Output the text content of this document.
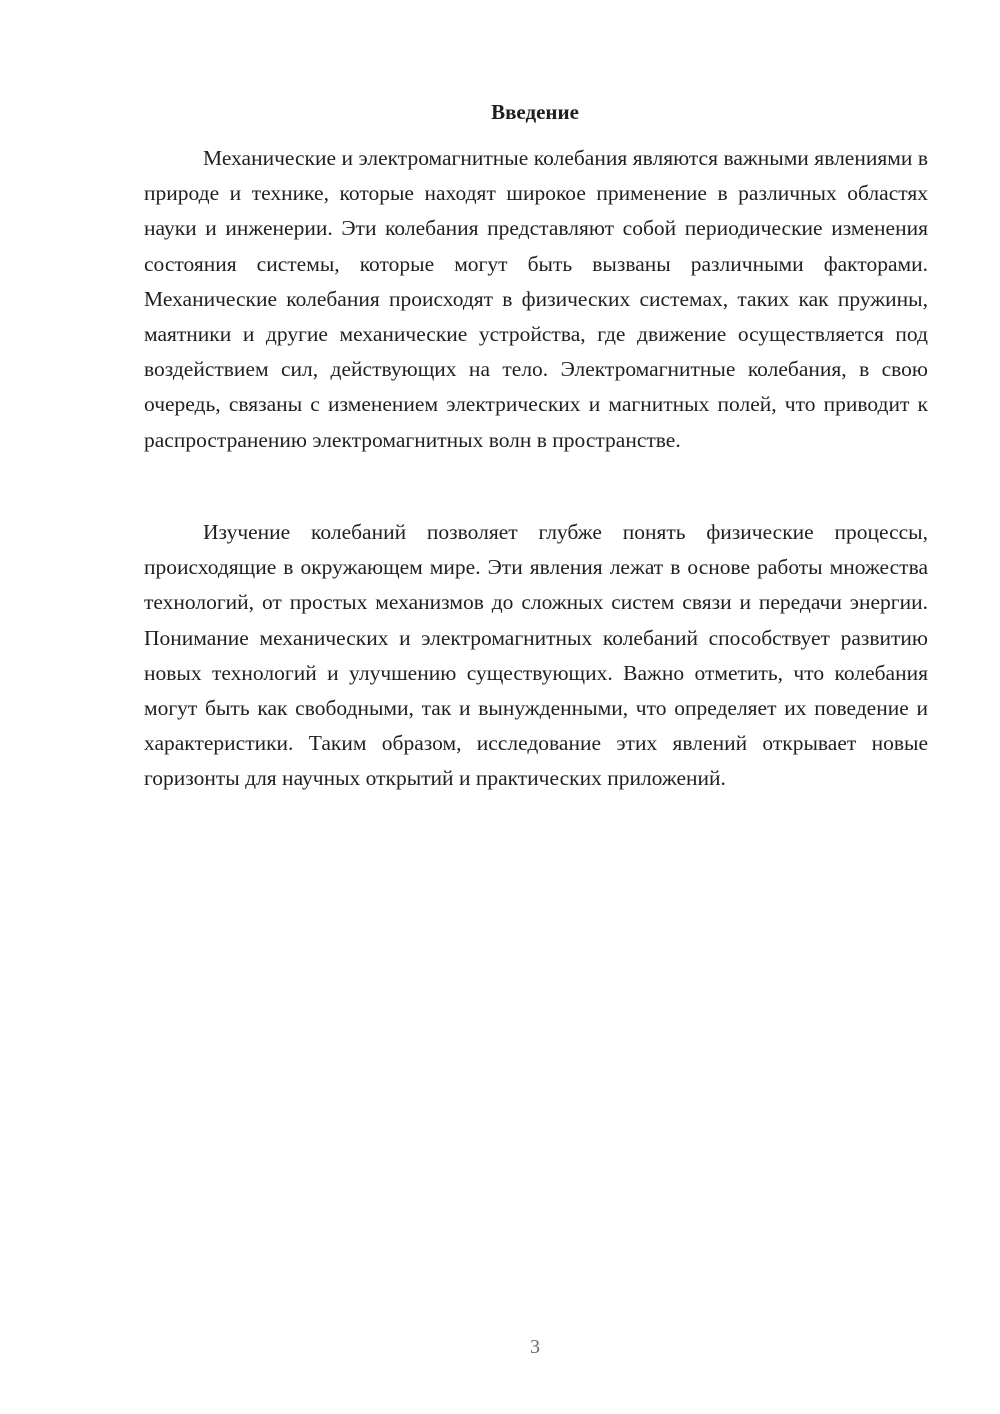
Введение

Механические и электромагнитные колебания являются важными явлениями в природе и технике, которые находят широкое применение в различных областях науки и инженерии. Эти колебания представляют собой периодические изменения состояния системы, которые могут быть вызваны различными факторами. Механические колебания происходят в физических системах, таких как пружины, маятники и другие механические устройства, где движение осуществляется под воздействием сил, действующих на тело. Электромагнитные колебания, в свою очередь, связаны с изменением электрических и магнитных полей, что приводит к распространению электромагнитных волн в пространстве.

Изучение колебаний позволяет глубже понять физические процессы, происходящие в окружающем мире. Эти явления лежат в основе работы множества технологий, от простых механизмов до сложных систем связи и передачи энергии. Понимание механических и электромагнитных колебаний способствует развитию новых технологий и улучшению существующих. Важно отметить, что колебания могут быть как свободными, так и вынужденными, что определяет их поведение и характеристики. Таким образом, исследование этих явлений открывает новые горизонты для научных открытий и практических приложений.

3
